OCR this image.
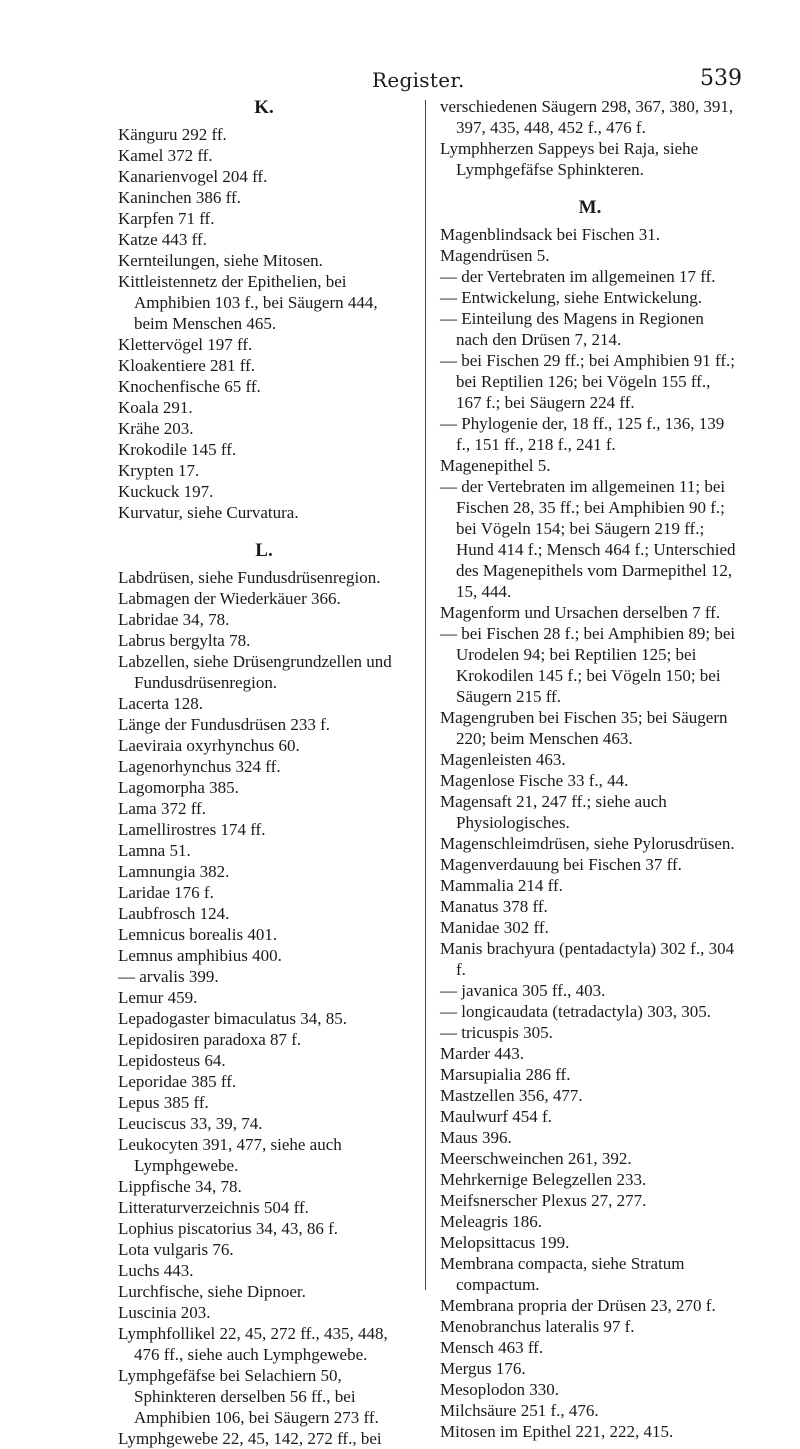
Register.	539
K.

Känguru 292 ff.

Kamel 372 ff.

Kanarienvogel 204 ff.

Kaninchen 386 ff.

Karpfen 71 ff.

Katze 443 ff.

Kernteilungen, siehe Mitosen.

Kittleistennetz der Epithelien, bei Amphibien 103 f., bei Säugern 444, beim Menschen 465.

Klettervögel 197 ff.

Kloakentiere 281 ff.

Knochenfische 65 ff.

Koala 291.

Krähe 203.

Krokodile 145 ff.

Krypten 17.

Kuckuck 197.

Kurvatur, siehe Curvatura.

L.

Labdrüsen, siehe Fundusdrüsenregion.

Labmagen der Wiederkäuer 366.

Labridae 34, 78.

Labrus bergylta 78.

Labzellen, siehe Drüsengrundzellen und Fundusdrüsenregion.

Lacerta 128.

Länge der Fundusdrüsen 233 f.

Laeviraia oxyrhynchus 60.

Lagenorhynchus 324 ff.

Lagomorpha 385.

Lama 372 ff.

Lamellirostres 174 ff.

Lamna 51.

Lamnungia 382.

Laridae 176 f.

Laubfrosch 124.

Lemnicus borealis 401.

Lemnus amphibius 400.

— arvalis 399.

Lemur 459.

Lepadogaster bimaculatus 34, 85.

Lepidosiren paradoxa 87 f.

Lepidosteus 64.

Leporidae 385 ff.

Lepus 385 ff.

Leuciscus 33, 39, 74.

Leukocyten 391, 477, siehe auch Lymphgewebe.

Lippfische 34, 78.

Litteraturverzeichnis 504 ff.

Lophius piscatorius 34, 43, 86 f.

Lota vulgaris 76.

Luchs 443.

Lurchfische, siehe Dipnoer.

Luscinia 203.

Lymphfollikel 22, 45, 272 ff., 435, 448, 476 ff., siehe auch Lymphgewebe.

Lymphgefäfse bei Selachiern 50, Sphinkteren derselben 56 ff., bei Amphibien 106, bei Säugern 273 ff.

Lymphgewebe 22, 45, 142, 272 ff., bei

verschiedenen Säugern 298, 367, 380, 391, 397, 435, 448, 452 f., 476 f.

Lymphherzen Sappeys bei Raja, siehe Lymphgefäfse Sphinkteren.

M.

Magenblindsack bei Fischen 31.

Magendrüsen 5.

— der Vertebraten im allgemeinen 17 ff.

— Entwickelung, siehe Entwickelung.

— Einteilung des Magens in Regionen nach den Drüsen 7, 214.

— bei Fischen 29 ff.; bei Amphibien 91 ff.; bei Reptilien 126; bei Vögeln 155 ff., 167 f.; bei Säugern 224 ff.

— Phylogenie der, 18 ff., 125 f., 136, 139 f., 151 ff., 218 f., 241 f.

Magenepithel 5.

— der Vertebraten im allgemeinen 11; bei Fischen 28, 35 ff.; bei Amphibien 90 f.; bei Vögeln 154; bei Säugern 219 ff.; Hund 414 f.; Mensch 464 f.; Unterschied des Magenepithels vom Darmepithel 12, 15, 444.

Magenform und Ursachen derselben 7 ff.

— bei Fischen 28 f.; bei Amphibien 89; bei Urodelen 94; bei Reptilien 125; bei Krokodilen 145 f.; bei Vögeln 150; bei Säugern 215 ff.

Magengruben bei Fischen 35; bei Säugern 220; beim Menschen 463.

Magenleisten 463.

Magenlose Fische 33 f., 44.

Magensaft 21, 247 ff.; siehe auch Physiologisches.

Magenschleimdrüsen, siehe Pylorusdrüsen.

Magenverdauung bei Fischen 37 ff.

Mammalia 214 ff.

Manatus 378 ff.

Manidae 302 ff.

Manis brachyura (pentadactyla) 302 f., 304 f.

— javanica 305 ff., 403.

— longicaudata (tetradactyla) 303, 305.

— tricuspis 305.

Marder 443.

Marsupialia 286 ff.

Mastzellen 356, 477.

Maulwurf 454 f.

Maus 396.

Meerschweinchen 261, 392.

Mehrkernige Belegzellen 233.

Meifsnerscher Plexus 27, 277.

Meleagris 186.

Melopsittacus 199.

Membrana compacta, siehe Stratum compactum.

Membrana propria der Drüsen 23, 270 f.

Menobranchus lateralis 97 f.

Mensch 463 ff.

Mergus 176.

Mesoplodon 330.

Milchsäure 251 f., 476.

Mitosen im Epithel 221, 222, 415.
